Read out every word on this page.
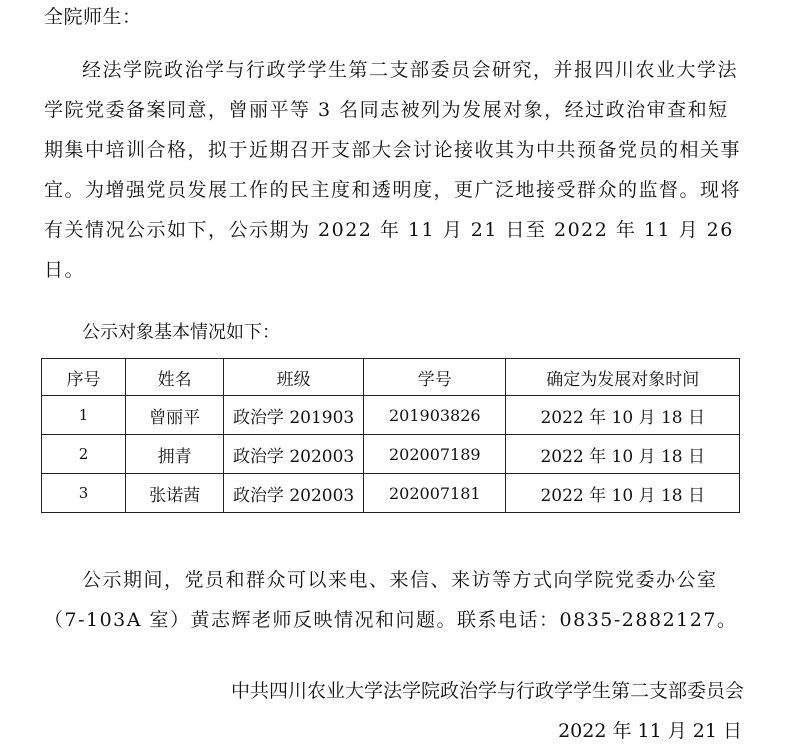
全院师生：
经法学院政治学与行政学学生第二支部委员会研究，并报四川农业大学法学院党委备案同意，曾丽平等 3 名同志被列为发展对象，经过政治审查和短期集中培训合格，拟于近期召开支部大会讨论接收其为中共预备党员的相关事宜。为增强党员发展工作的民主度和透明度，更广泛地接受群众的监督。现将有关情况公示如下，公示期为 2022 年 11 月 21 日至 2022 年 11 月 26 日。
公示对象基本情况如下：
序号	姓名	班级	学号	确定为发展对象时间
1	曾丽平	政治学 201903	201903826	2022 年 10 月 18 日
2	拥青	政治学 202003	202007189	2022 年 10 月 18 日
3	张诺茜	政治学 202003	202007181	2022 年 10 月 18 日
公示期间，党员和群众可以来电、来信、来访等方式向学院党委办公室
（7-103A 室）黄志辉老师反映情况和问题。联系电话：0835-2882127。
中共四川农业大学法学院政治学与行政学学生第二支部委员会
2022 年 11 月 21 日
